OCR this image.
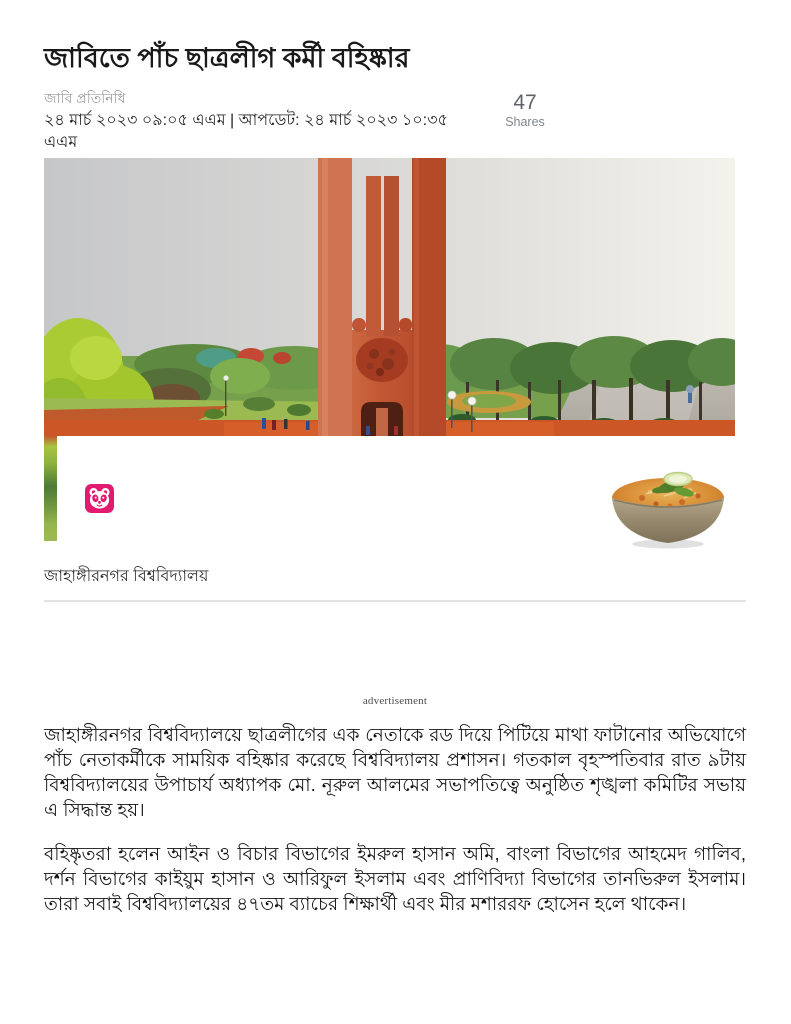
জাবিতে পাঁচ ছাত্রলীগ কর্মী বহিষ্কার
জাবি প্রতিনিধি
২৪ মার্চ ২০২৩ ০৯:০৫ এএম | আপডেট: ২৪ মার্চ ২০২৩ ১০:৩৫ এএম
47
Shares
জাহাঙ্গীরনগর বিশ্ববিদ্যালয়
advertisement

জাহাঙ্গীরনগর বিশ্ববিদ্যালয়ে ছাত্রলীগের এক নেতাকে রড দিয়ে পিটিয়ে মাথা ফাটানোর অভিযোগে পাঁচ নেতাকর্মীকে সাময়িক বহিষ্কার করেছে বিশ্ববিদ্যালয় প্রশাসন। গতকাল বৃহস্পতিবার রাত ৯টায় বিশ্ববিদ্যালয়ের উপাচার্য অধ্যাপক মো. নূরুল আলমের সভাপতিত্বে অনুষ্ঠিত শৃঙ্খলা কমিটির সভায় এ সিদ্ধান্ত হয়।

বহিষ্কৃতরা হলেন আইন ও বিচার বিভাগের ইমরুল হাসান অমি, বাংলা বিভাগের আহমেদ গালিব, দর্শন বিভাগের কাইয়ুম হাসান ও আরিফুল ইসলাম এবং প্রাণিবিদ্যা বিভাগের তানভিরুল ইসলাম। তারা সবাই বিশ্ববিদ্যালয়ের ৪৭তম ব্যাচের শিক্ষার্থী এবং মীর মশাররফ হোসেন হলে থাকেন।
